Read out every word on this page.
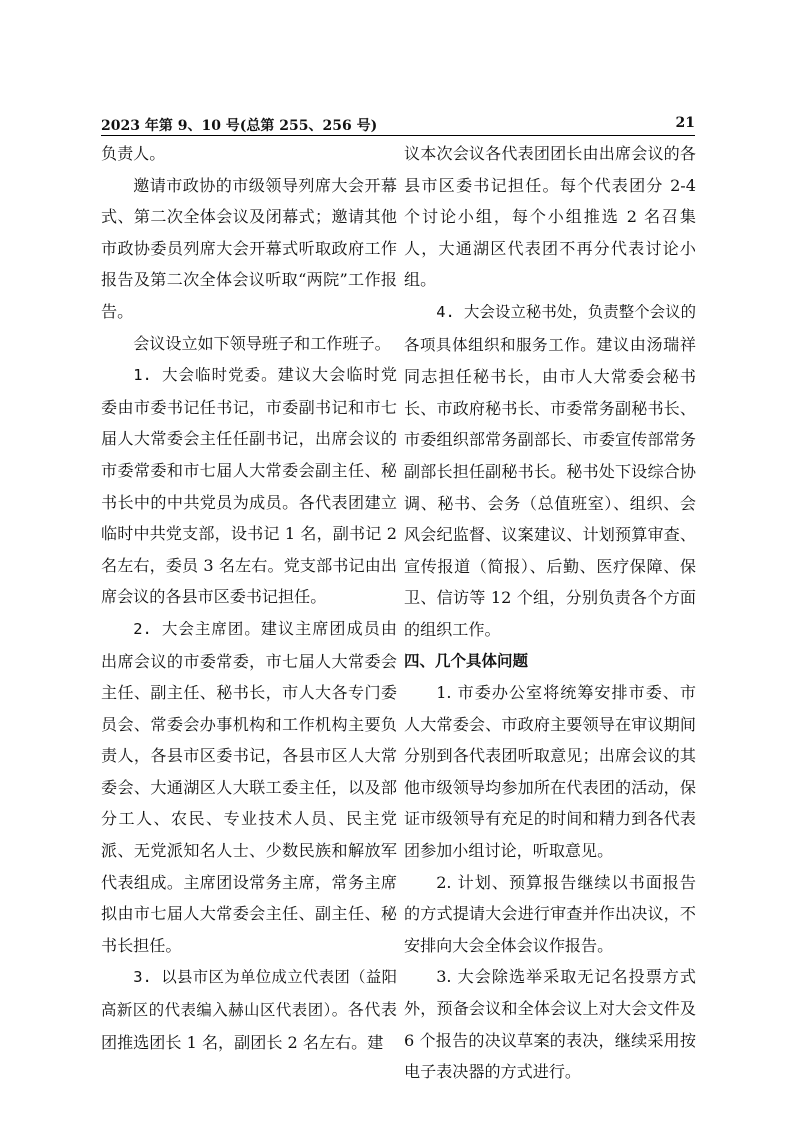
2023 年第 9、10 号(总第 255、256 号)	21

负责人。

邀请市政协的市级领导列席大会开幕式、第二次全体会议及闭幕式；邀请其他市政协委员列席大会开幕式听取政府工作报告及第二次全体会议听取“两院”工作报告。

会议设立如下领导班子和工作班子。

1. 大会临时党委。建议大会临时党委由市委书记任书记，市委副书记和市七届人大常委会主任任副书记，出席会议的市委常委和市七届人大常委会副主任、秘书长中的中共党员为成员。各代表团建立临时中共党支部，设书记 1 名，副书记 2 名左右，委员 3 名左右。党支部书记由出席会议的各县市区委书记担任。

2. 大会主席团。建议主席团成员由出席会议的市委常委，市七届人大常委会主任、副主任、秘书长，市人大各专门委员会、常委会办事机构和工作机构主要负责人，各县市区委书记，各县市区人大常委会、大通湖区人大联工委主任，以及部分工人、农民、专业技术人员、民主党派、无党派知名人士、少数民族和解放军代表组成。主席团设常务主席，常务主席拟由市七届人大常委会主任、副主任、秘书长担任。

3. 以县市区为单位成立代表团（益阳高新区的代表编入赫山区代表团）。各代表团推选团长 1 名，副团长 2 名左右。建

议本次会议各代表团团长由出席会议的各县市区委书记担任。每个代表团分 2-4 个讨论小组，每个小组推选 2 名召集人，大通湖区代表团不再分代表讨论小组。

4. 大会设立秘书处，负责整个会议的各项具体组织和服务工作。建议由汤瑞祥同志担任秘书长，由市人大常委会秘书长、市政府秘书长、市委常务副秘书长、市委组织部常务副部长、市委宣传部常务副部长担任副秘书长。秘书处下设综合协调、秘书、会务（总值班室）、组织、会风会纪监督、议案建议、计划预算审查、宣传报道（简报）、后勤、医疗保障、保卫、信访等 12 个组，分别负责各个方面的组织工作。

四、几个具体问题

1. 市委办公室将统筹安排市委、市人大常委会、市政府主要领导在审议期间分别到各代表团听取意见；出席会议的其他市级领导均参加所在代表团的活动，保证市级领导有充足的时间和精力到各代表团参加小组讨论，听取意见。

2. 计划、预算报告继续以书面报告的方式提请大会进行审查并作出决议，不安排向大会全体会议作报告。

3. 大会除选举采取无记名投票方式外，预备会议和全体会议上对大会文件及 6 个报告的决议草案的表决，继续采用按电子表决器的方式进行。
